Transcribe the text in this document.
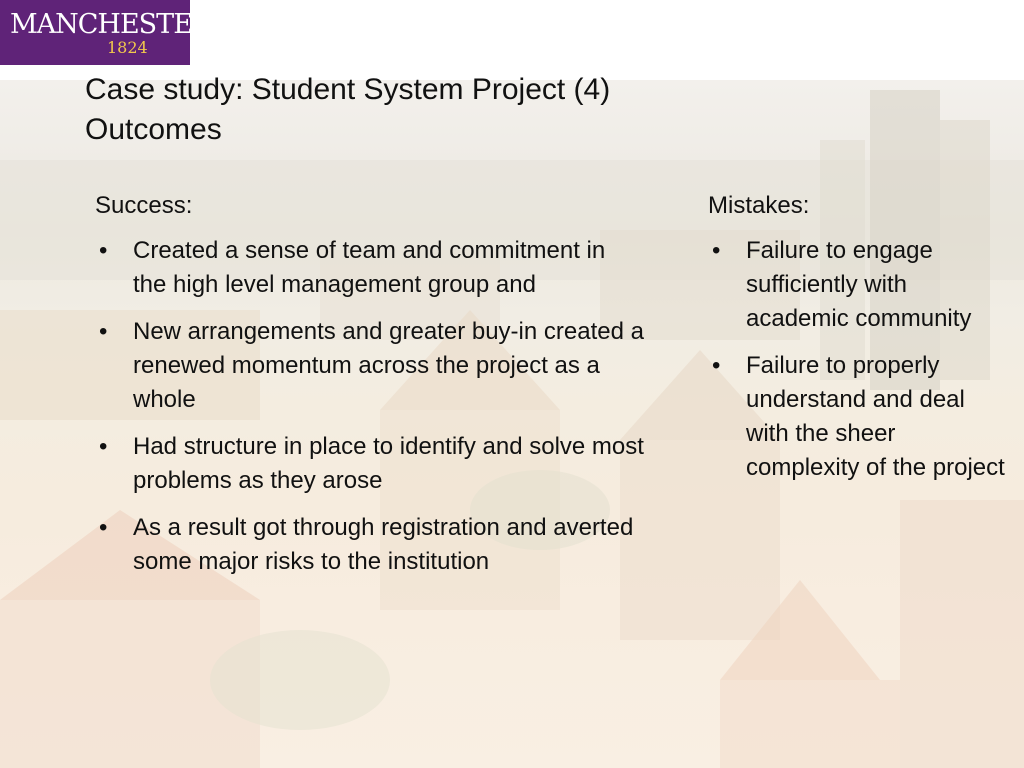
MANCHESTER
1824
Case study: Student System Project (4)
Outcomes
Success:
• Created a sense of team and commitment in the high level management group and
• New arrangements and greater buy-in created a renewed momentum across the project as a whole
• Had structure in place to identify and solve most problems as they arose
• As a result got through registration and averted some major risks to the institution
Mistakes:
• Failure to engage sufficiently with academic community
• Failure to properly understand and deal with the sheer complexity of the project
